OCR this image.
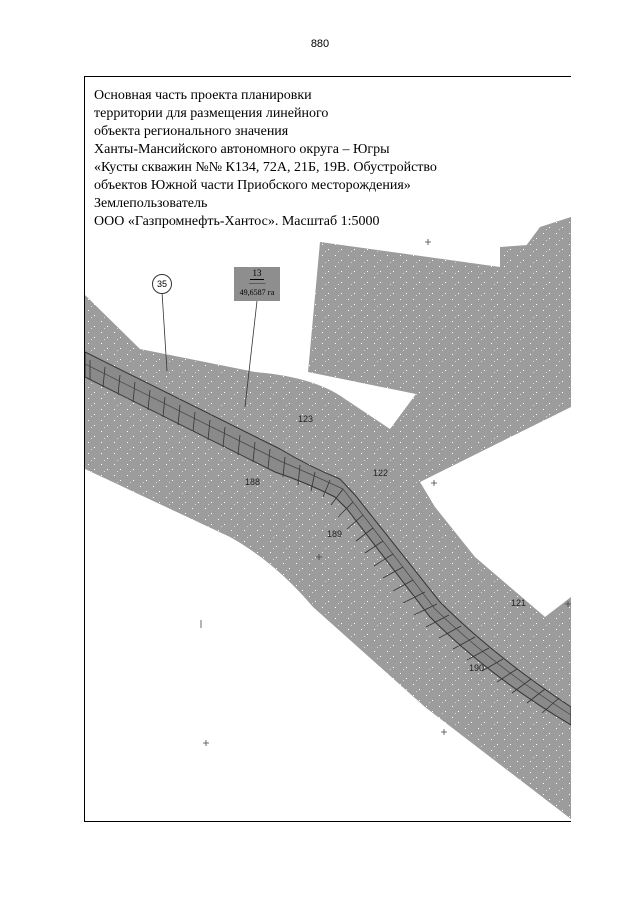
880
Основная часть проекта планировки
территории для размещения линейного
объекта регионального значения
Ханты-Мансийского автономного округа – Югры
«Кусты скважин №№ К134, 72А, 21Б, 19В. Обустройство
объектов Южной части Приобского месторождения»
Землепользователь
ООО «Газпромнефть-Хантос». Масштаб 1:5000
35
13
-----------
49,6587 га
123
188
122
189
121
190
